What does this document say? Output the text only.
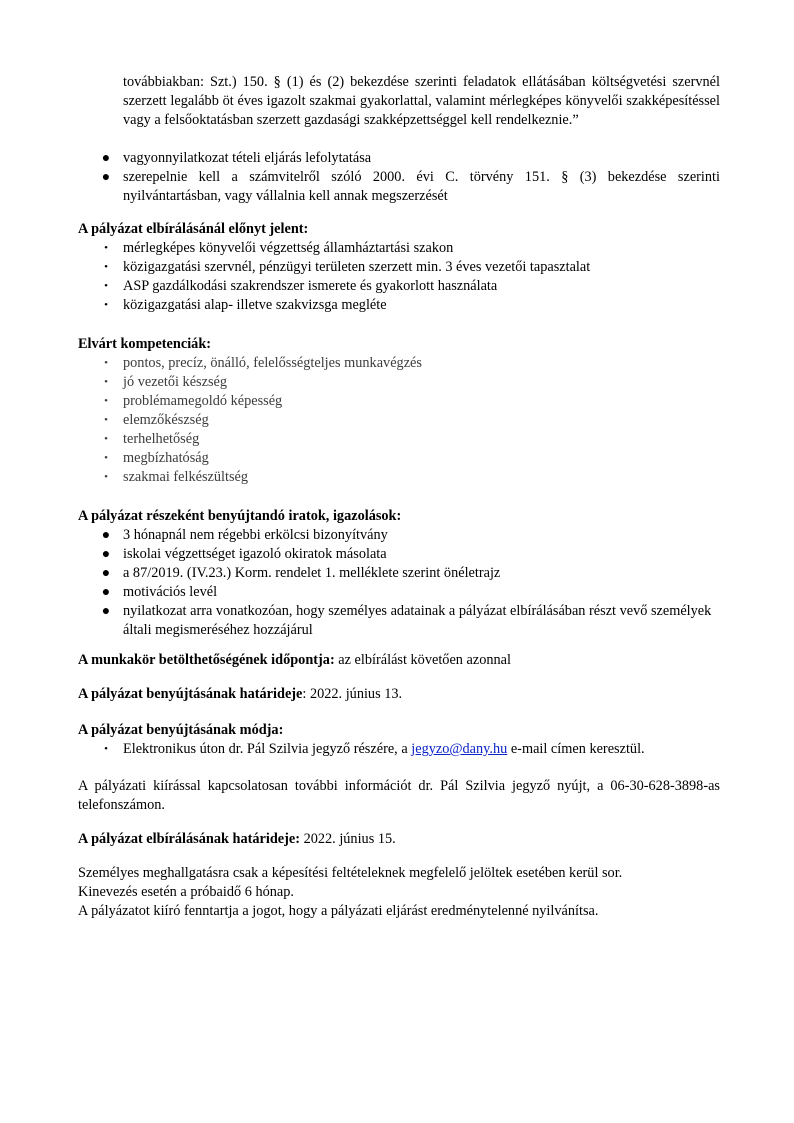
továbbiakban: Szt.) 150. § (1) és (2) bekezdése szerinti feladatok ellátásában költségvetési szervnél szerzett legalább öt éves igazolt szakmai gyakorlattal, valamint mérlegképes könyvelői szakképesítéssel vagy a felsőoktatásban szerzett gazdasági szakképzettséggel kell rendelkeznie.”
● vagyonnyilatkozat tételi eljárás lefolytatása
● szerepelnie kell a számvitelről szóló 2000. évi C. törvény 151. § (3) bekezdése szerinti nyilvántartásban, vagy vállalnia kell annak megszerzését
A pályázat elbírálásánál előnyt jelent:
• mérlegképes könyvelői végzettség államháztartási szakon
• közigazgatási szervnél, pénzügyi területen szerzett min. 3 éves vezetői tapasztalat
• ASP gazdálkodási szakrendszer ismerete és gyakorlott használata
• közigazgatási alap- illetve szakvizsga megléte
Elvárt kompetenciák:
• pontos, precíz, önálló, felelősségteljes munkavégzés
• jó vezetői készség
• problémamegoldó képesség
• elemzőkészség
• terhelhetőség
• megbízhatóság
• szakmai felkészültség
A pályázat részeként benyújtandó iratok, igazolások:
● 3 hónapnál nem régebbi erkölcsi bizonyítvány
● iskolai végzettséget igazoló okiratok másolata
● a 87/2019. (IV.23.) Korm. rendelet 1. melléklete szerint önéletrajz
● motivációs levél
● nyilatkozat arra vonatkozóan, hogy személyes adatainak a pályázat elbírálásában részt vevő személyek általi megismeréséhez hozzájárul
A munkakör betölthetőségének időpontja: az elbírálást követően azonnal
A pályázat benyújtásának határideje: 2022. június 13.
A pályázat benyújtásának módja:
• Elektronikus úton dr. Pál Szilvia jegyző részére, a jegyzo@dany.hu e-mail címen keresztül.
A pályázati kiírással kapcsolatosan további információt dr. Pál Szilvia jegyző nyújt, a 06-30-628-3898-as telefonszámon.
A pályázat elbírálásának határideje: 2022. június 15.
Személyes meghallgatásra csak a képesítési feltételeknek megfelelő jelöltek esetében kerül sor.
Kinevezés esetén a próbaidő 6 hónap.
A pályázatot kiíró fenntartja a jogot, hogy a pályázati eljárást eredménytelenné nyilvánítsa.
